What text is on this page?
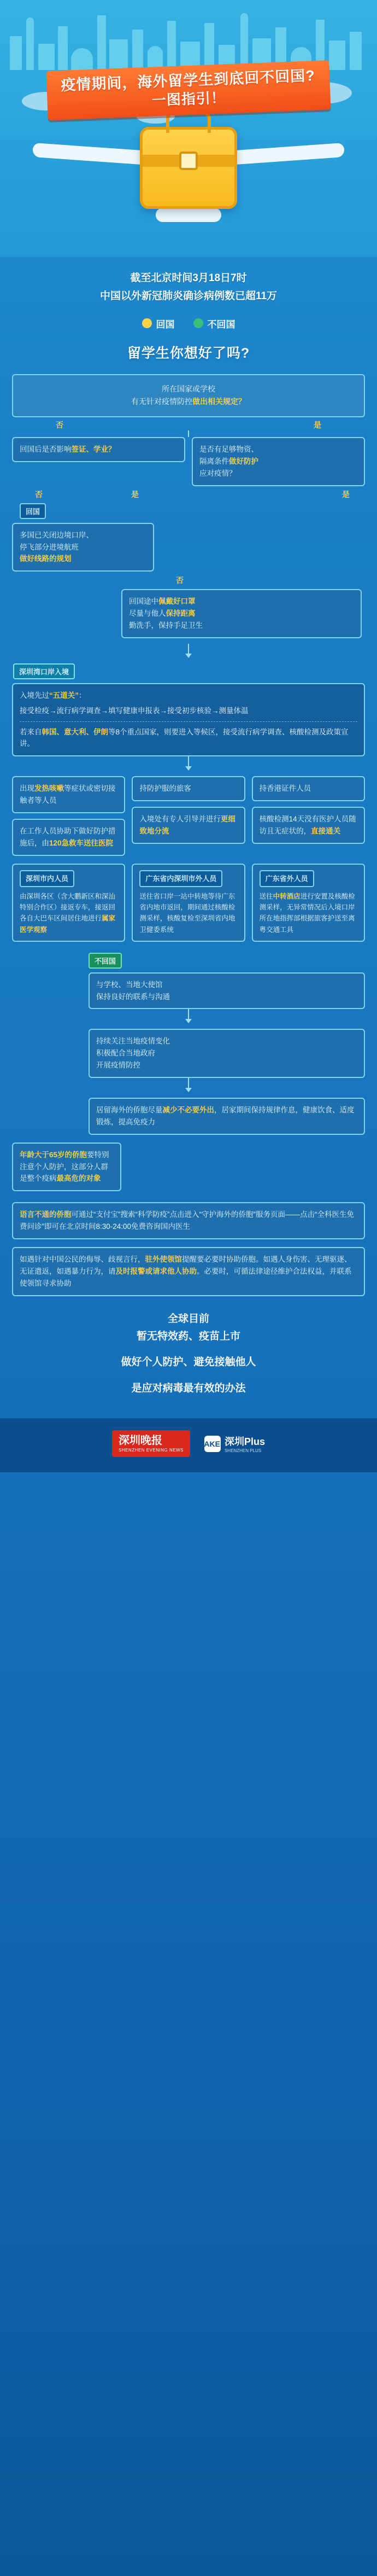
疫情期间，海外留学生到底回不回国?
一图指引！
截至北京时间3月18日7时
中国以外新冠肺炎确诊病例数已超11万
回国	不回国
留学生你想好了吗?
所在国家或学校
有无针对疫情防控做出相关规定？
否	是
回国后是否影响签证、学业？	是否有足够物资、
隔离条件做好防护
应对疫情？
否	是	是
回国
多国已关闭边境口岸、
停飞部分进境航班
做好线路的规划
否
回国途中佩戴好口罩
尽量与他人保持距离
勤洗手，保持手足卫生
深圳湾口岸入境
入境先过“五道关”：
接受检疫→流行病学调查→填写健康申报表→接受初步核验→测量体温
若来自韩国、意大利、伊朗等8个重点国家，则要进入等候区，接受流行病学调查、核酸检测及政策宣讲。
出现发热咳嗽等症状或密切接触者等人员
在工作人员协助下做好防护措施后，由120急救车送往医院
持防护服的旅客
入境处有专人引导并进行更细致地分流
持香港证件人员
核酸检测14天没有医护人员随访且无症状的，直接通关
深圳市内人员
由深圳各区（含大鹏新区和深汕特别合作区）接返专车，接返回各自大巴车区间居住地进行属家医学观察
广东省内深圳市外人员
送往省口岸一站中转地等待广东省内地市返回，期间通过核酸检测采样，核酸复检至深圳省内地卫健委系统
广东省外人员
送往中转酒店进行安置及核酸检测采样，无异常情况后入境口岸所在地指挥部根据旅客护送至离粤交通工具
不回国
与学校、当地大使馆
保持良好的联系与沟通
持续关注当地疫情变化
积极配合当地政府
开展疫情防控
居留海外的侨胞尽量减少不必要外出，居家期间保持规律作息，健康饮食、适度锻炼，提高免疫力
年龄大于65岁的侨胞要特别注意个人防护，这部分人群是整个疫病最高危的对象
语言不通的侨胞可通过“支付宝”搜索“科学防疫”点击进入“守护海外的侨胞”服务页面——点击“全科医生免费问诊”即可在北京时间8:30-24:00免费咨询国内医生
如遇针对中国公民的侮辱、歧视言行，驻外使领馆提醒要必要时协助侨胞。如遇人身伤害、无理驱逐、无证遣返，如遇暴力行为，请及时报警或请求他人协助。必要时，可循法律途径维护合法权益，并联系使领馆寻求协助
全球目前
暂无特效药、疫苗上市
做好个人防护、避免接触他人
是应对病毒最有效的办法
深圳晚报
SHENZHEN EVENING NEWS
ZAKER
深圳Plus
SHENZHEN PLUS
